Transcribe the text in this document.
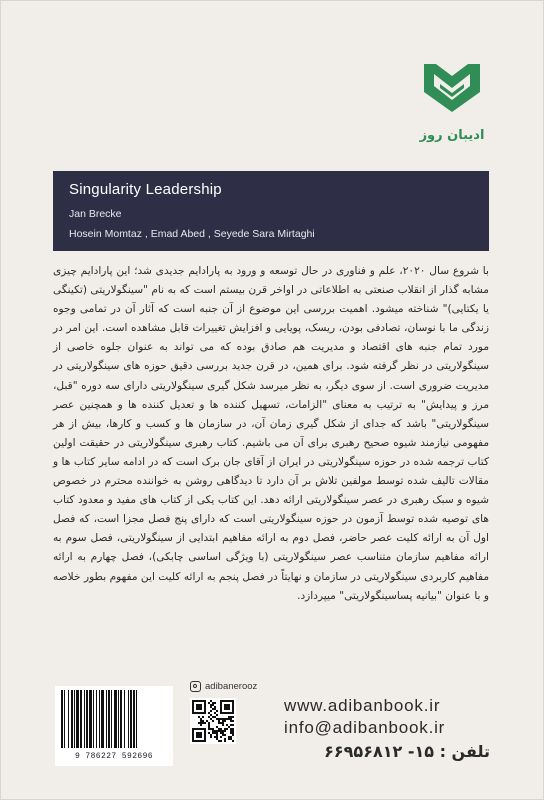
ادیبان روز
Singularity Leadership
Jan Brecke
Hosein Momtaz , Emad Abed , Seyede Sara Mirtaghi

با شروع سال ۲۰۲۰، علم و فناوری در حال توسعه و ورود به پارادایم جدیدی شد؛ این پارادایم چیزی مشابه گذار از انقلاب صنعتی به اطلاعاتی در اواخر قرن بیستم است که به نام "سینگولاریتی (تکینگی یا یکتایی)" شناخته میشود. اهمیت بررسی این موضوع از آن جنبه است که آثار آن در تمامی وجوه زندگی ما با نوسان، تصادفی بودن، ریسک، پویایی و افزایش تغییرات قابل مشاهده است. این امر در مورد تمام جنبه های اقتصاد و مدیریت هم صادق بوده که می تواند به عنوان جلوه خاصی از سینگولاریتی در نظر گرفته شود. برای همین، در قرن جدید بررسی دقیق حوزه های سینگولاریتی در مدیریت ضروری است. از سوی دیگر، به نظر میرسد شکل گیری سینگولاریتی دارای سه دوره "قبل، مرز و پیدایش" به ترتیب به معنای "الزامات، تسهیل کننده ها و تعدیل کننده ها و همچنین عصر سینگولاریتی" باشد که جدای از شکل گیری زمان آن، در سازمان ها و کسب و کارها، بیش از هر مفهومی نیازمند شیوه صحیح رهبری برای آن می باشیم. کتاب رهبری سینگولاریتی در حقیقت اولین کتاب ترجمه شده در حوزه سینگولاریتی در ایران از آقای جان برک است که در ادامه سایر کتاب ها و مقالات تالیف شده توسط مولفین تلاش بر آن دارد تا دیدگاهی روشن به خواننده محترم در خصوص شیوه و سبک رهبری در عصر سینگولاریتی ارائه دهد. این کتاب یکی از کتاب های مفید و معدود کتاب های توصیه شده توسط آزمون در حوزه سینگولاریتی است که دارای پنج فصل مجزا است، که فصل اول آن به ارائه کلیت عصر حاضر، فصل دوم به ارائه مفاهیم ابتدایی از سینگولاریتی، فصل سوم به ارائه مفاهیم سازمان متناسب عصر سینگولاریتی (با ویژگی اساسی چابکی)، فصل چهارم به ارائه مفاهیم کاربردی سینگولاریتی در سازمان و نهایتاً در فصل پنجم به ارائه کلیت این مفهوم بطور خلاصه و با عنوان "بیانیه پساسینگولاریتی" میپردازد.

9 786227 592696
adibanerooz
www.adibanbook.ir
info@adibanbook.ir
تلفن : ۱۵- ۶۶۹۵۶۸۱۲
